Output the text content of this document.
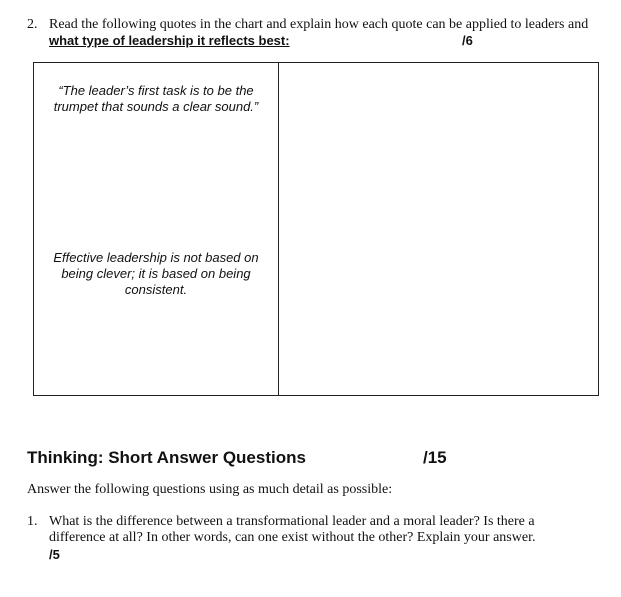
2. Read the following quotes in the chart and explain how each quote can be applied to leaders and what type of leadership it reflects best:	/6
“The leader’s first task is to be the trumpet that sounds a clear sound.”
Effective leadership is not based on being clever; it is based on being consistent.
Thinking: Short Answer Questions	/15
Answer the following questions using as much detail as possible:
1. What is the difference between a transformational leader and a moral leader? Is there a difference at all? In other words, can one exist without the other? Explain your answer.
/5
